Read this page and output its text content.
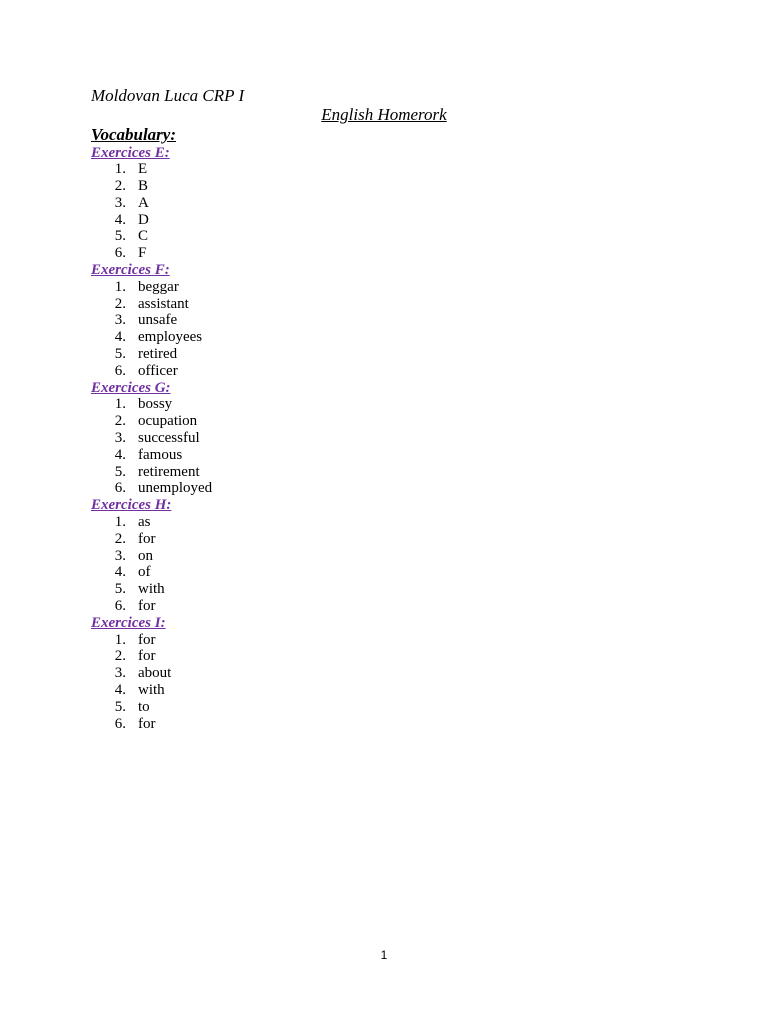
Moldovan Luca CRP I
English Homerork
Vocabulary:
Exercices E:
1. E
2. B
3. A
4. D
5. C
6. F
Exercices F:
1. beggar
2. assistant
3. unsafe
4. employees
5. retired
6. officer
Exercices G:
1. bossy
2. ocupation
3. successful
4. famous
5. retirement
6. unemployed
Exercices H:
1. as
2. for
3. on
4. of
5. with
6. for
Exercices I:
1. for
2. for
3. about
4. with
5. to
6. for
1
